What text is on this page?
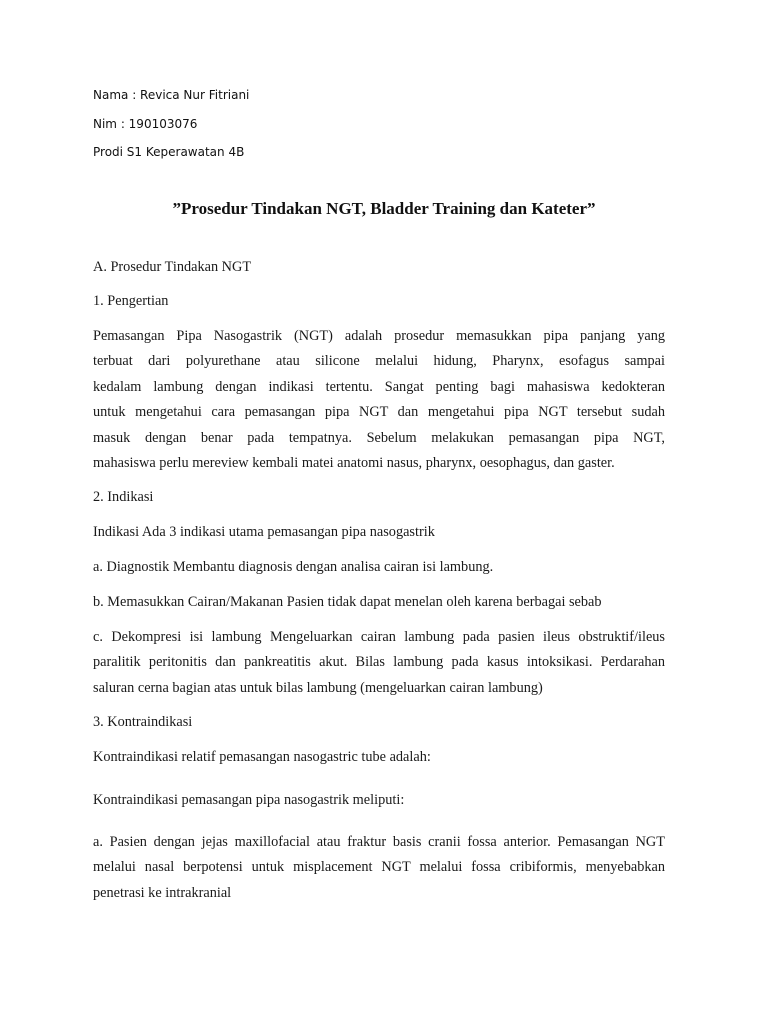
Nama : Revica Nur Fitriani
Nim : 190103076
Prodi S1 Keperawatan 4B
”Prosedur Tindakan NGT, Bladder Training dan Kateter”
A. Prosedur Tindakan NGT
1. Pengertian
Pemasangan Pipa Nasogastrik (NGT) adalah prosedur memasukkan pipa panjang yang
terbuat dari polyurethane atau silicone melalui hidung, Pharynx, esofagus sampai
kedalam lambung dengan indikasi tertentu. Sangat penting bagi mahasiswa kedokteran
untuk mengetahui cara pemasangan pipa NGT dan mengetahui pipa NGT tersebut sudah
masuk dengan benar pada tempatnya. Sebelum melakukan pemasangan pipa NGT,
mahasiswa perlu mereview kembali matei anatomi nasus, pharynx, oesophagus, dan gaster.
2. Indikasi
Indikasi Ada 3 indikasi utama pemasangan pipa nasogastrik
a. Diagnostik Membantu diagnosis dengan analisa cairan isi lambung.
b. Memasukkan Cairan/Makanan Pasien tidak dapat menelan oleh karena berbagai sebab
c. Dekompresi isi lambung Mengeluarkan cairan lambung pada pasien ileus obstruktif/ileus
paralitik peritonitis dan pankreatitis akut. Bilas lambung pada kasus intoksikasi. Perdarahan
saluran cerna bagian atas untuk bilas lambung (mengeluarkan cairan lambung)
3. Kontraindikasi
Kontraindikasi relatif pemasangan nasogastric tube adalah:
Kontraindikasi pemasangan pipa nasogastrik meliputi:
a. Pasien dengan jejas maxillofacial atau fraktur basis cranii fossa anterior. Pemasangan NGT
melalui nasal berpotensi untuk misplacement NGT melalui fossa cribiformis, menyebabkan
penetrasi ke intrakranial
